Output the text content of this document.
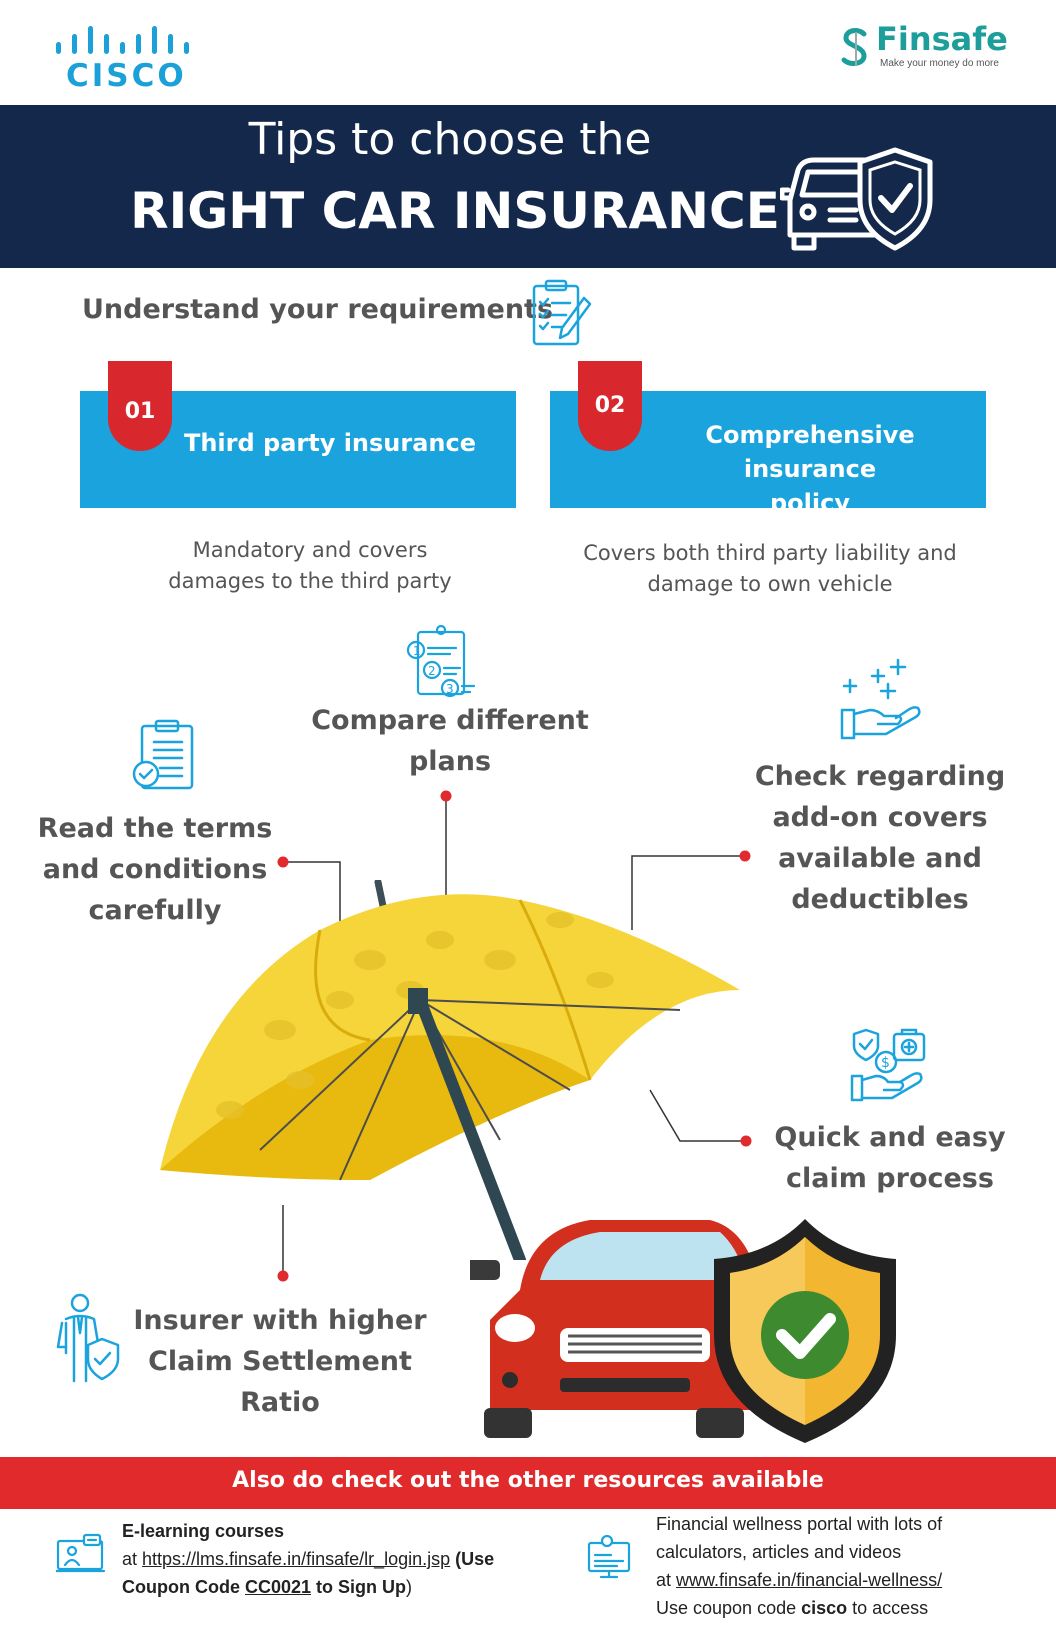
CISCO
Finsafe
Make your money do more
Tips to choose the
RIGHT CAR INSURANCE
Understand your requirements
01
Third party insurance
02
Comprehensive insurance
policy
Mandatory and covers
damages to the third party
Covers both third party liability and
damage to own vehicle
1
2
3
Compare different
plans
Read the terms
and conditions
carefully
Check regarding
add-on covers
available and
deductibles
$
Quick and easy
claim process
Insurer with higher
Claim Settlement
Ratio
Also do check out the other resources available
E-learning courses
at https://lms.finsafe.in/finsafe/lr_login.jsp (Use
Coupon Code CC0021 to Sign Up)
Financial wellness portal with lots of
calculators, articles and videos
at www.finsafe.in/financial-wellness/
Use coupon code cisco to access
